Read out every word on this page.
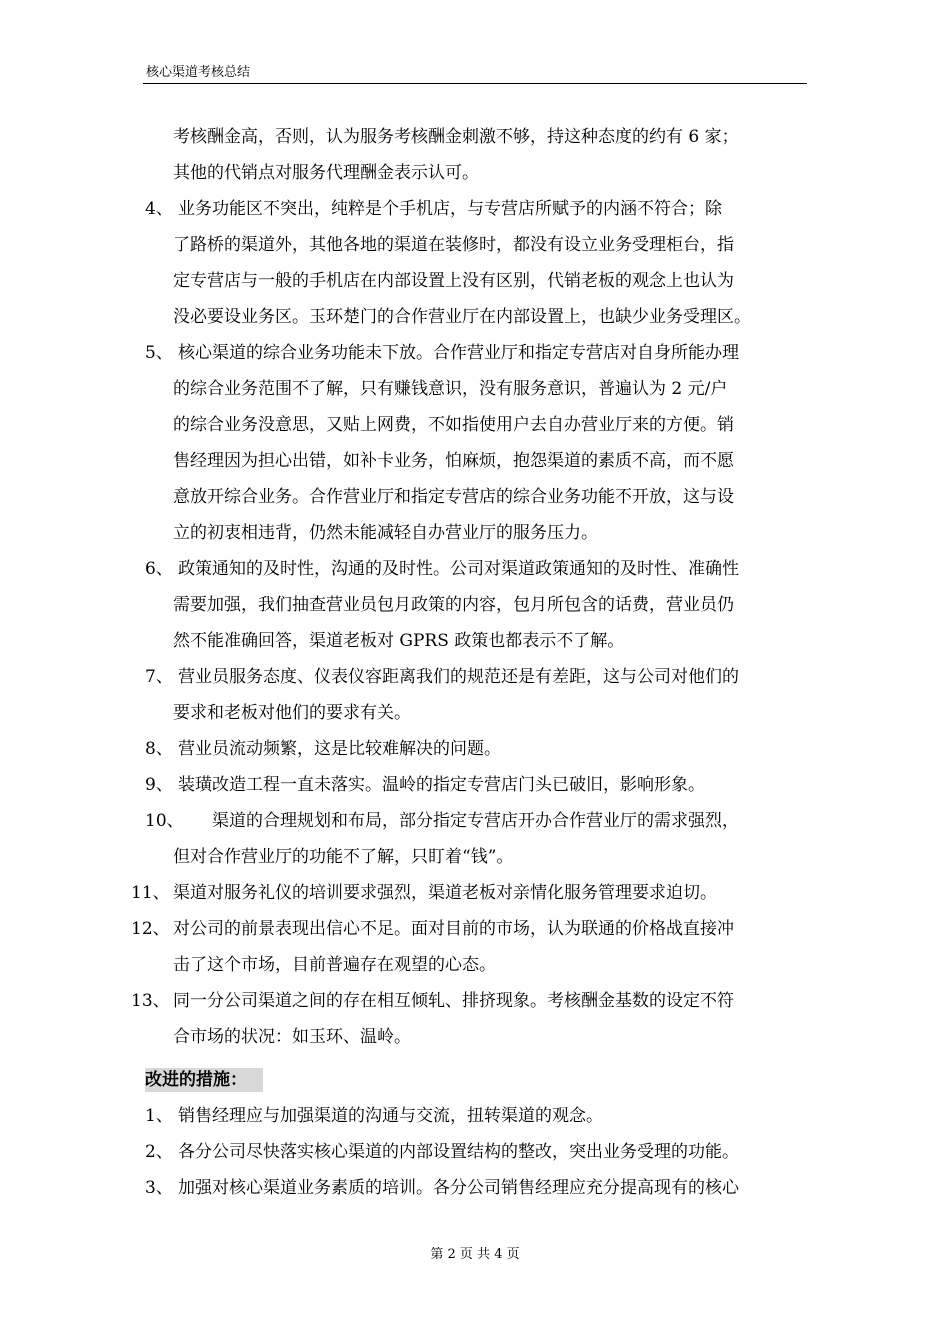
核心渠道考核总结
考核酬金高，否则，认为服务考核酬金刺激不够，持这种态度的约有 6 家；
其他的代销点对服务代理酬金表示认可。
4、 业务功能区不突出，纯粹是个手机店，与专营店所赋予的内涵不符合；除
了路桥的渠道外，其他各地的渠道在装修时，都没有设立业务受理柜台，指
定专营店与一般的手机店在内部设置上没有区别，代销老板的观念上也认为
没必要设业务区。玉环楚门的合作营业厅在内部设置上，也缺少业务受理区。
5、 核心渠道的综合业务功能未下放。合作营业厅和指定专营店对自身所能办理
的综合业务范围不了解，只有赚钱意识，没有服务意识，普遍认为 2 元/户
的综合业务没意思，又贴上网费，不如指使用户去自办营业厅来的方便。销
售经理因为担心出错，如补卡业务，怕麻烦，抱怨渠道的素质不高，而不愿
意放开综合业务。合作营业厅和指定专营店的综合业务功能不开放，这与设
立的初衷相违背，仍然未能减轻自办营业厅的服务压力。
6、 政策通知的及时性，沟通的及时性。公司对渠道政策通知的及时性、准确性
需要加强，我们抽查营业员包月政策的内容，包月所包含的话费，营业员仍
然不能准确回答，渠道老板对 GPRS 政策也都表示不了解。
7、 营业员服务态度、仪表仪容距离我们的规范还是有差距，这与公司对他们的
要求和老板对他们的要求有关。
8、 营业员流动频繁，这是比较难解决的问题。
9、 装璜改造工程一直未落实。温岭的指定专营店门头已破旧，影响形象。
10、 渠道的合理规划和布局，部分指定专营店开办合作营业厅的需求强烈，
但对合作营业厅的功能不了解，只盯着“钱”。
11、 渠道对服务礼仪的培训要求强烈，渠道老板对亲情化服务管理要求迫切。
12、 对公司的前景表现出信心不足。面对目前的市场，认为联通的价格战直接冲
击了这个市场，目前普遍存在观望的心态。
13、 同一分公司渠道之间的存在相互倾轧、排挤现象。考核酬金基数的设定不符
合市场的状况：如玉环、温岭。
改进的措施：
1、 销售经理应与加强渠道的沟通与交流，扭转渠道的观念。
2、 各分公司尽快落实核心渠道的内部设置结构的整改，突出业务受理的功能。
3、 加强对核心渠道业务素质的培训。各分公司销售经理应充分提高现有的核心
第 2 页 共 4 页
